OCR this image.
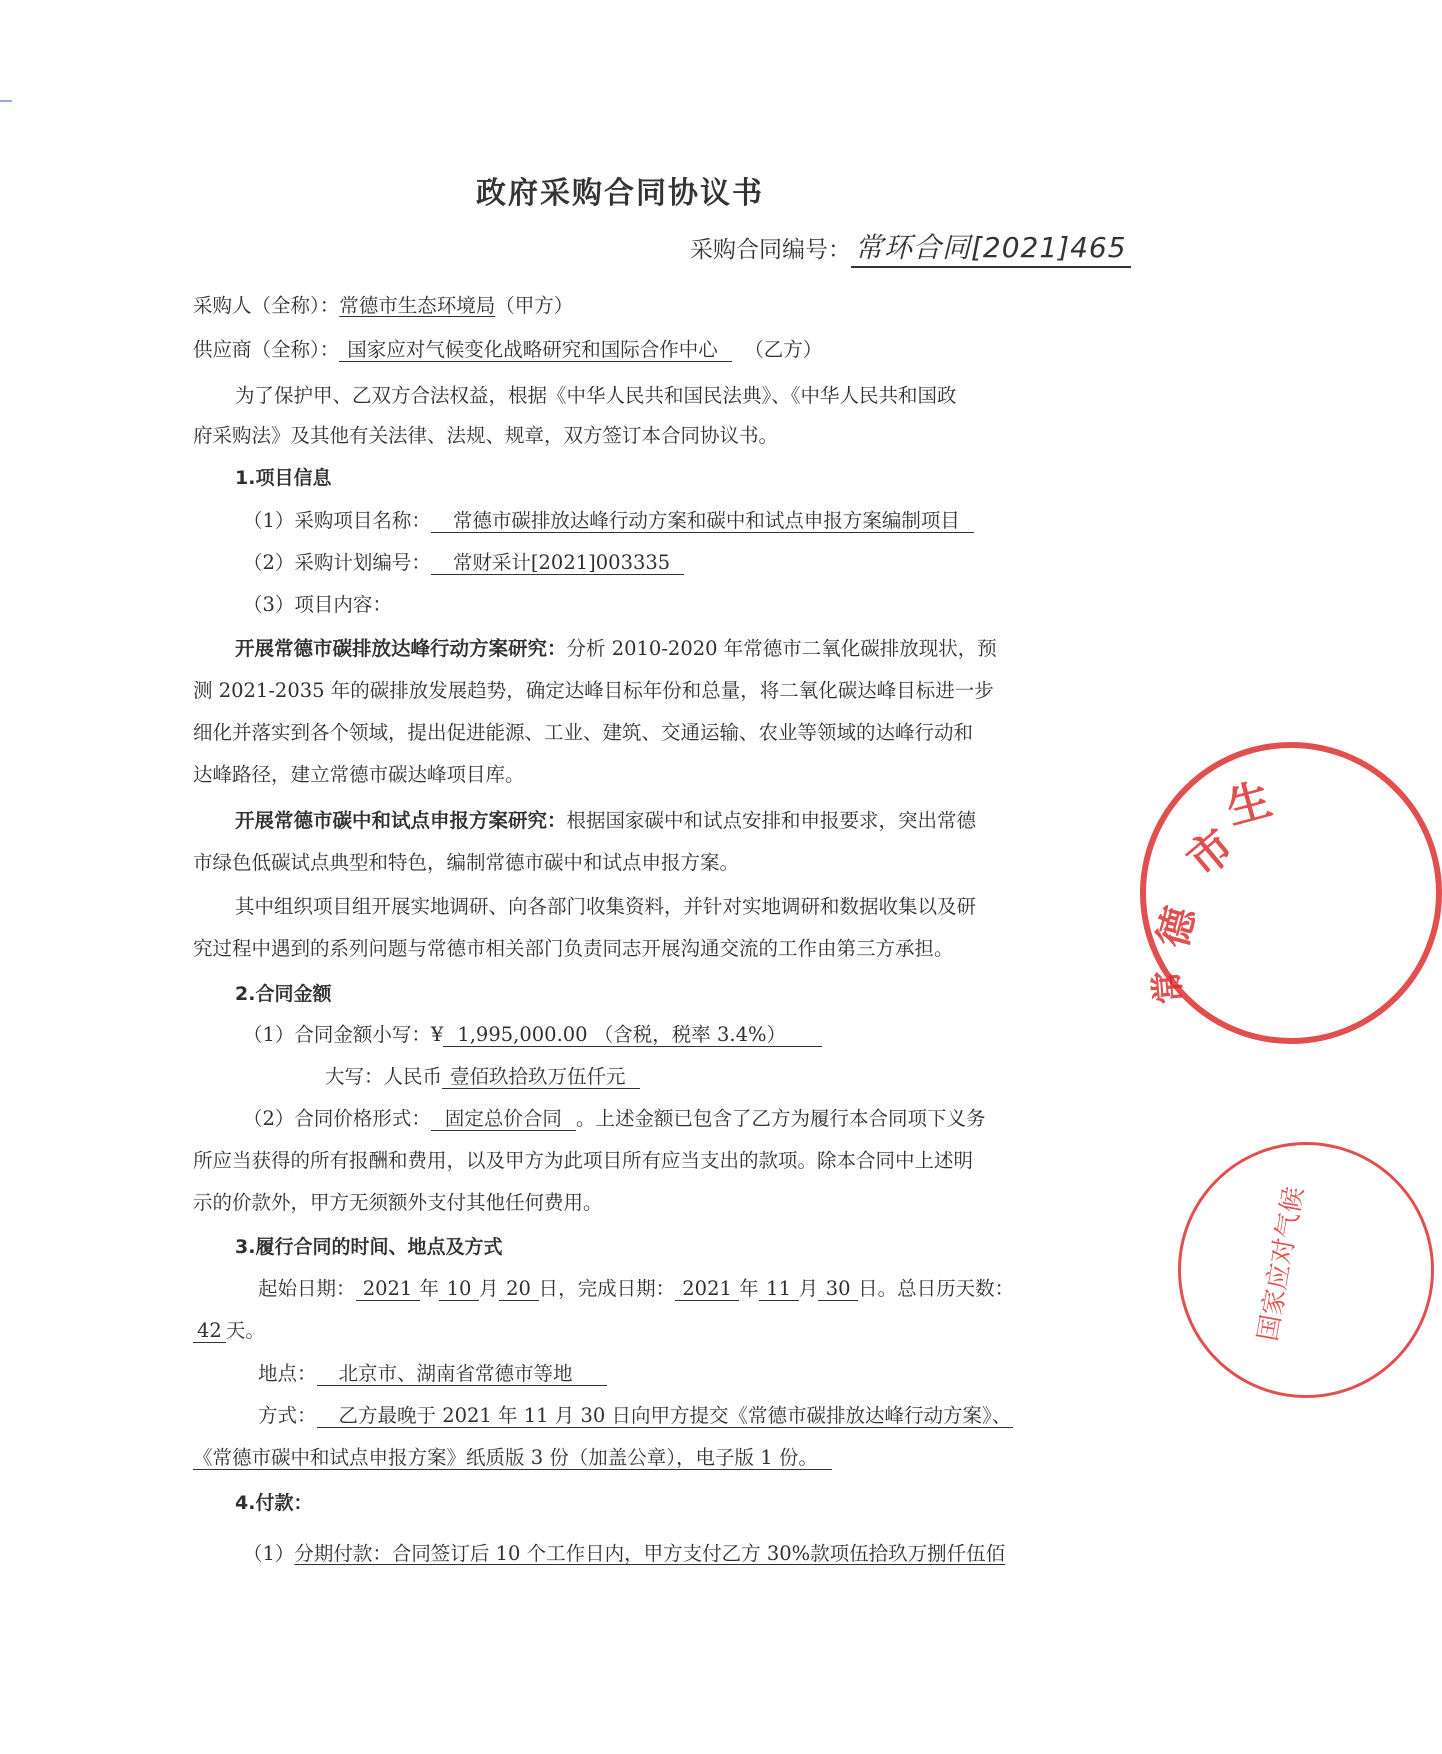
政府采购合同协议书
采购合同编号： 常环合同[2021]465
采购人（全称）：常德市生态环境局（甲方）
供应商（全称）： 国家应对气候变化战略研究和国际合作中心 （乙方）
为了保护甲、乙双方合法权益，根据《中华人民共和国民法典》、《中华人民共和国政
府采购法》及其他有关法律、法规、规章，双方签订本合同协议书。
1.项目信息
（1）采购项目名称： 常德市碳排放达峰行动方案和碳中和试点申报方案编制项目
（2）采购计划编号： 常财采计[2021]003335
（3）项目内容：
开展常德市碳排放达峰行动方案研究：分析 2010-2020 年常德市二氧化碳排放现状，预
测 2021-2035 年的碳排放发展趋势，确定达峰目标年份和总量，将二氧化碳达峰目标进一步
细化并落实到各个领域，提出促进能源、工业、建筑、交通运输、农业等领域的达峰行动和
达峰路径，建立常德市碳达峰项目库。
开展常德市碳中和试点申报方案研究：根据国家碳中和试点安排和申报要求，突出常德
市绿色低碳试点典型和特色，编制常德市碳中和试点申报方案。
其中组织项目组开展实地调研、向各部门收集资料，并针对实地调研和数据收集以及研
究过程中遇到的系列问题与常德市相关部门负责同志开展沟通交流的工作由第三方承担。
2.合同金额
（1）合同金额小写：¥ 1,995,000.00 （含税，税率 3.4%）
大写：人民币 壹佰玖拾玖万伍仟元
（2）合同价格形式： 固定总价合同 。上述金额已包含了乙方为履行本合同项下义务
所应当获得的所有报酬和费用，以及甲方为此项目所有应当支出的款项。除本合同中上述明
示的价款外，甲方无须额外支付其他任何费用。
3.履行合同的时间、地点及方式
起始日期： 2021 年 10 月 20 日，完成日期： 2021 年 11 月 30 日。总日历天数：
42 天。
地点： 北京市、湖南省常德市等地
方式： 乙方最晚于 2021 年 11 月 30 日向甲方提交《常德市碳排放达峰行动方案》、
《常德市碳中和试点申报方案》纸质版 3 份（加盖公章），电子版 1 份。
4.付款：
（1）分期付款：合同签订后 10 个工作日内，甲方支付乙方 30%款项伍拾玖万捌仟伍佰
生
市
德
常
国家应对气候
